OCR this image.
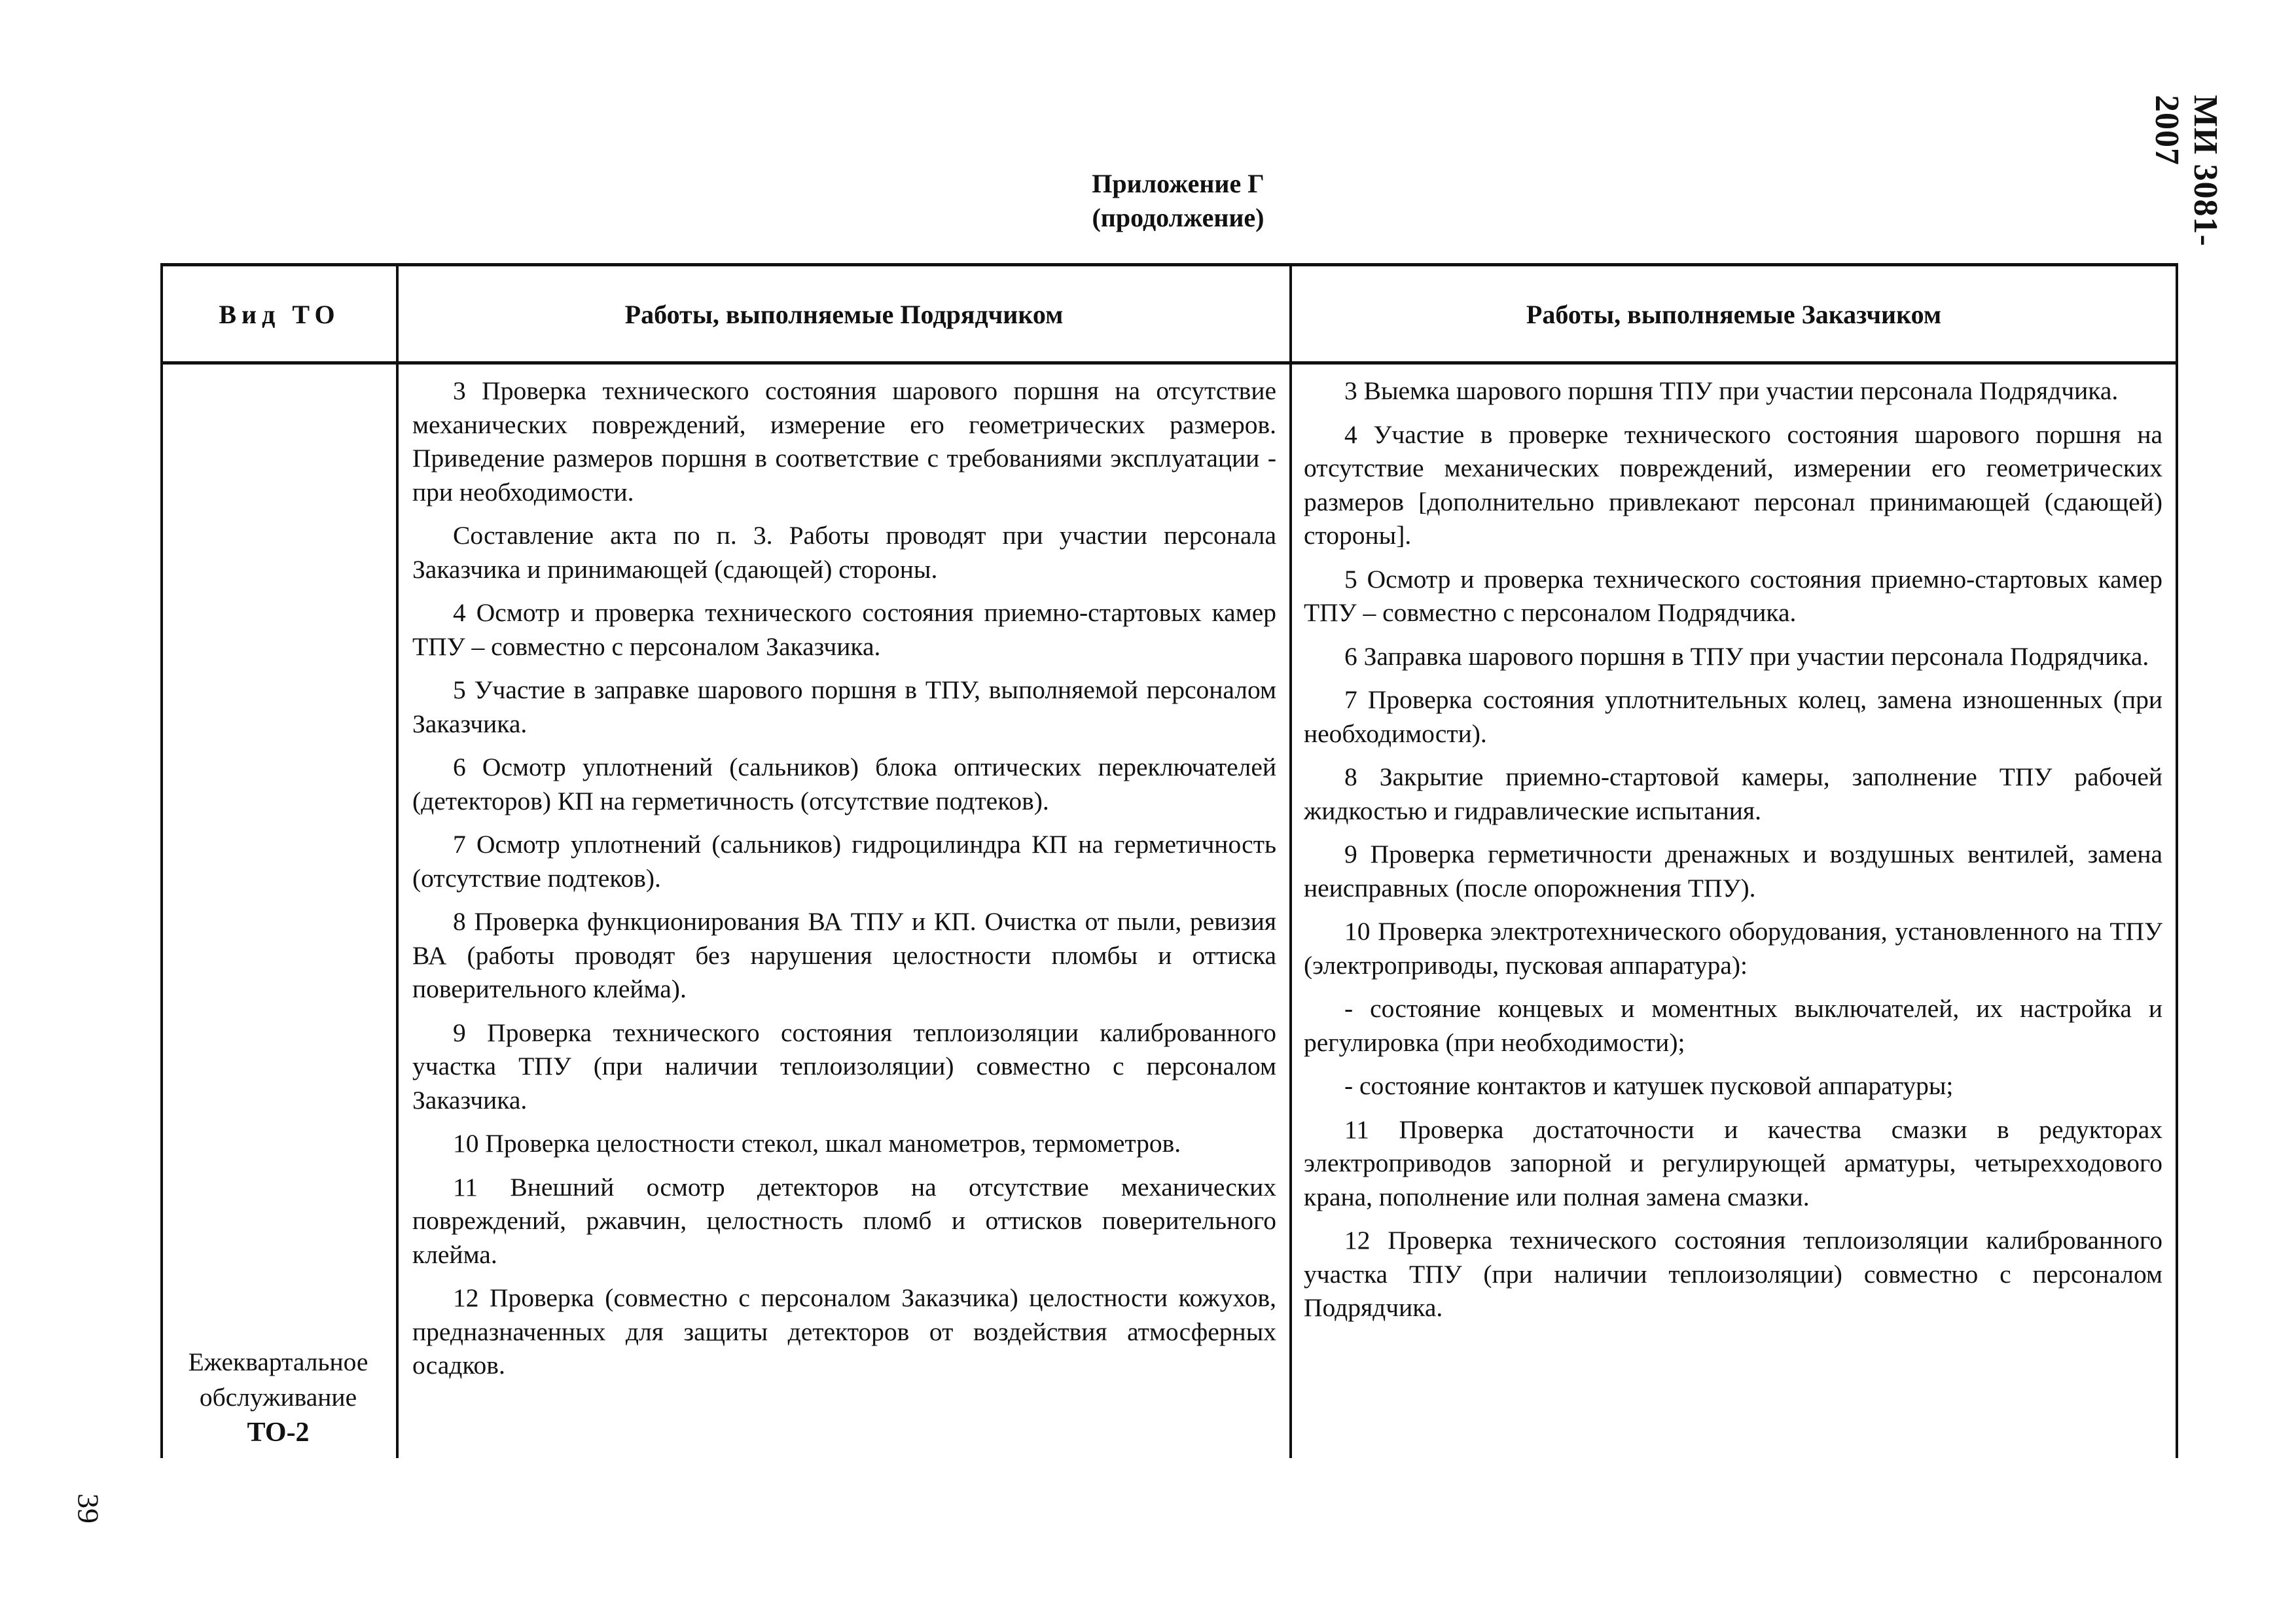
МИ 3081-2007
Приложение Г
(продолжение)
Вид ТО	Работы, выполняемые Подрядчиком	Работы, выполняемые Заказчиком
Ежеквартальное
обслуживание
ТО-2

3 Проверка технического состояния шарового поршня на отсутствие механических повреждений, измерение его геометрических размеров. Приведение размеров поршня в соответствие с требованиями эксплуатации - при необходимости.

Составление акта по п. 3. Работы проводят при участии персонала Заказчика и принимающей (сдающей) стороны.

4 Осмотр и проверка технического состояния приемно-стартовых камер ТПУ – совместно с персоналом Заказчика.

5 Участие в заправке шарового поршня в ТПУ, выполняемой персоналом Заказчика.

6 Осмотр уплотнений (сальников) блока оптических переключателей (детекторов) КП на герметичность (отсутствие подтеков).

7 Осмотр уплотнений (сальников) гидроцилиндра КП на герметичность (отсутствие подтеков).

8 Проверка функционирования ВА ТПУ и КП. Очистка от пыли, ревизия ВА (работы проводят без нарушения целостности пломбы и оттиска поверительного клейма).

9 Проверка технического состояния теплоизоляции калиброванного участка ТПУ (при наличии теплоизоляции) совместно с персоналом Заказчика.

10 Проверка целостности стекол, шкал манометров, термометров.

11 Внешний осмотр детекторов на отсутствие механических повреждений, ржавчин, целостность пломб и оттисков поверительного клейма.

12 Проверка (совместно с персоналом Заказчика) целостности кожухов, предназначенных для защиты детекторов от воздействия атмосферных осадков.

3 Выемка шарового поршня ТПУ при участии персонала Подрядчика.

4 Участие в проверке технического состояния шарового поршня на отсутствие механических повреждений, измерении его геометрических размеров [дополнительно привлекают персонал принимающей (сдающей) стороны].

5 Осмотр и проверка технического состояния приемно-стартовых камер ТПУ – совместно с персоналом Подрядчика.

6 Заправка шарового поршня в ТПУ при участии персонала Подрядчика.

7 Проверка состояния уплотнительных колец, замена изношенных (при необходимости).

8 Закрытие приемно-стартовой камеры, заполнение ТПУ рабочей жидкостью и гидравлические испытания.

9 Проверка герметичности дренажных и воздушных вентилей, замена неисправных (после опорожнения ТПУ).

10 Проверка электротехнического оборудования, установленного на ТПУ (электроприводы, пусковая аппаратура):

- состояние концевых и моментных выключателей, их настройка и регулировка (при необходимости);

- состояние контактов и катушек пусковой аппаратуры;

11 Проверка достаточности и качества смазки в редукторах электроприводов запорной и регулирующей арматуры, четырехходового крана, пополнение или полная замена смазки.

12 Проверка технического состояния теплоизоляции калиброванного участка ТПУ (при наличии теплоизоляции) совместно с персоналом Подрядчика.

39
